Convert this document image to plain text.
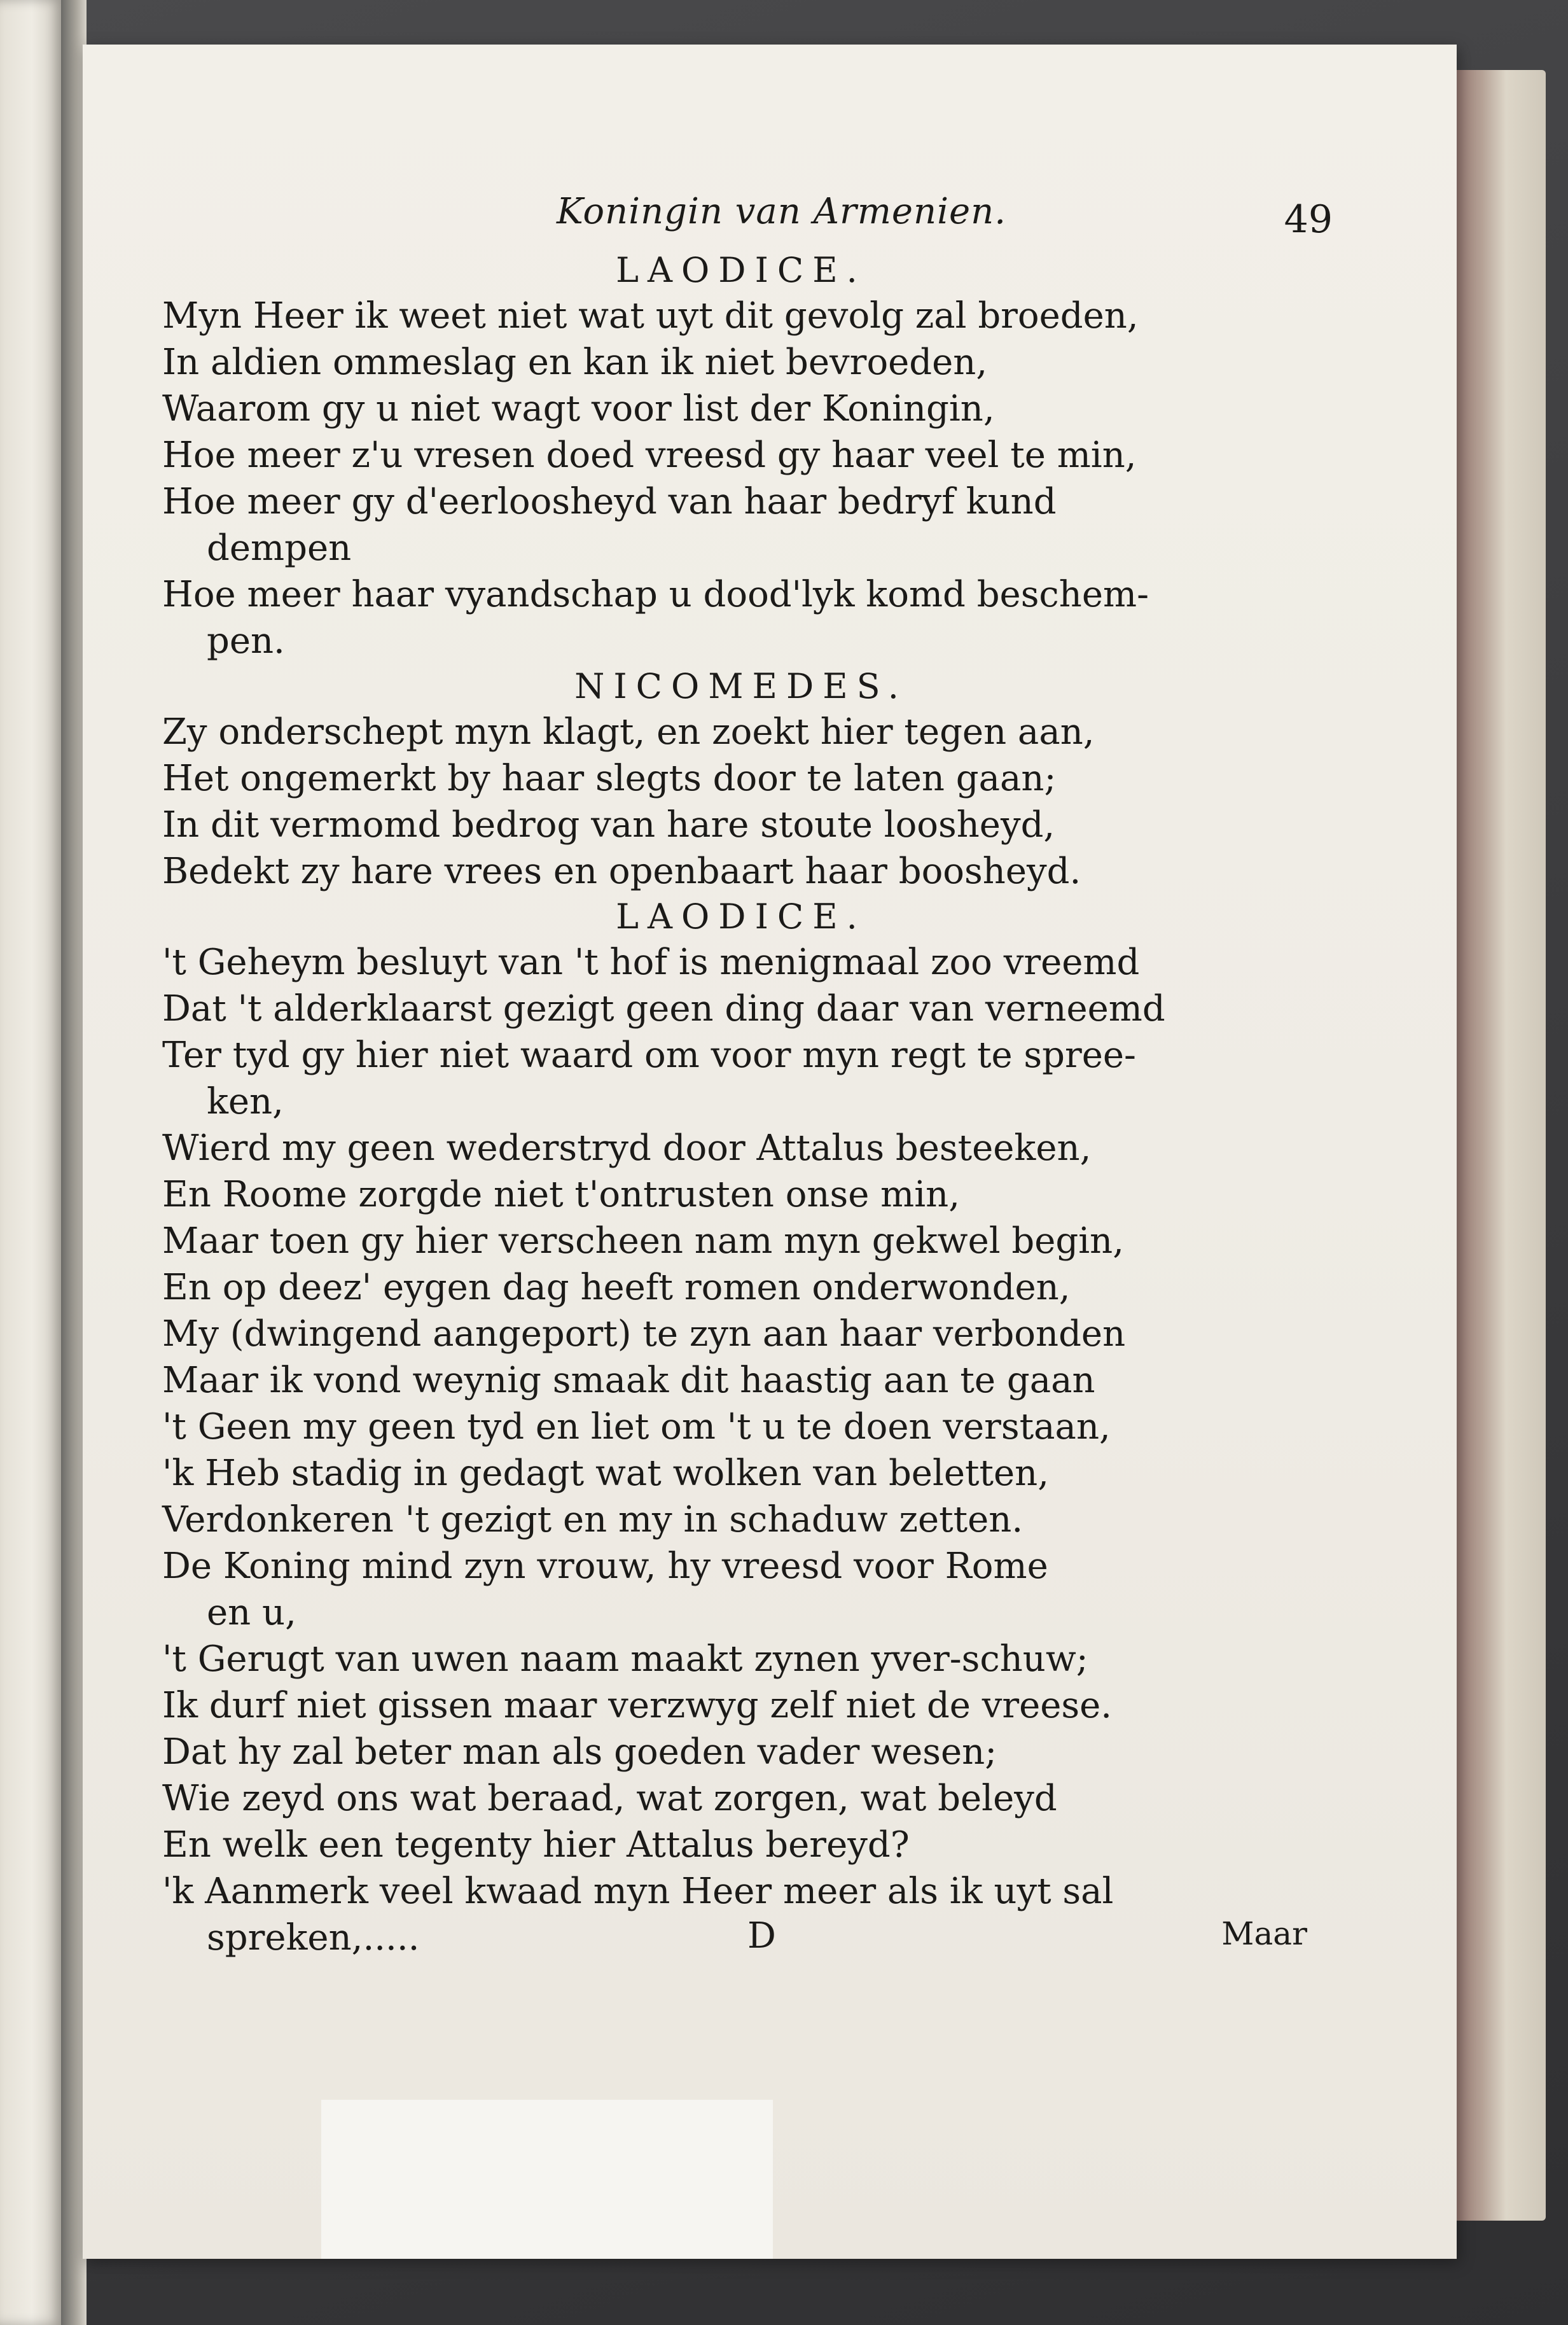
Koningin van Armenien.	49
LAODICE.
Myn Heer ik weet niet wat uyt dit gevolg zal broeden,
In aldien ommeslag en kan ik niet bevroeden,
Waarom gy u niet wagt voor list der Koningin,
Hoe meer z'u vresen doed vreesd gy haar veel te min,
Hoe meer gy d'eerloosheyd van haar bedryf kund
dempen
Hoe meer haar vyandschap u dood'lyk komd beschem-
pen.
NICOMEDES.
Zy onderschept myn klagt, en zoekt hier tegen aan,
Het ongemerkt by haar slegts door te laten gaan;
In dit vermomd bedrog van hare stoute loosheyd,
Bedekt zy hare vrees en openbaart haar boosheyd.
LAODICE.
't Geheym besluyt van 't hof is menigmaal zoo vreemd
Dat 't alderklaarst gezigt geen ding daar van verneemd
Ter tyd gy hier niet waard om voor myn regt te spree-
ken,
Wierd my geen wederstryd door Attalus besteeken,
En Roome zorgde niet t'ontrusten onse min,
Maar toen gy hier verscheen nam myn gekwel begin,
En op deez' eygen dag heeft romen onderwonden,
My (dwingend aangeport) te zyn aan haar verbonden
Maar ik vond weynig smaak dit haastig aan te gaan
't Geen my geen tyd en liet om 't u te doen verstaan,
'k Heb stadig in gedagt wat wolken van beletten,
Verdonkeren 't gezigt en my in schaduw zetten.
De Koning mind zyn vrouw, hy vreesd voor Rome
en u,
't Gerugt van uwen naam maakt zynen yver-schuw;
Ik durf niet gissen maar verzwyg zelf niet de vreese.
Dat hy zal beter man als goeden vader wesen;
Wie zeyd ons wat beraad, wat zorgen, wat beleyd
En welk een tegenty hier Attalus bereyd?
'k Aanmerk veel kwaad myn Heer meer als ik uyt sal
spreken,.....	D	Maar
